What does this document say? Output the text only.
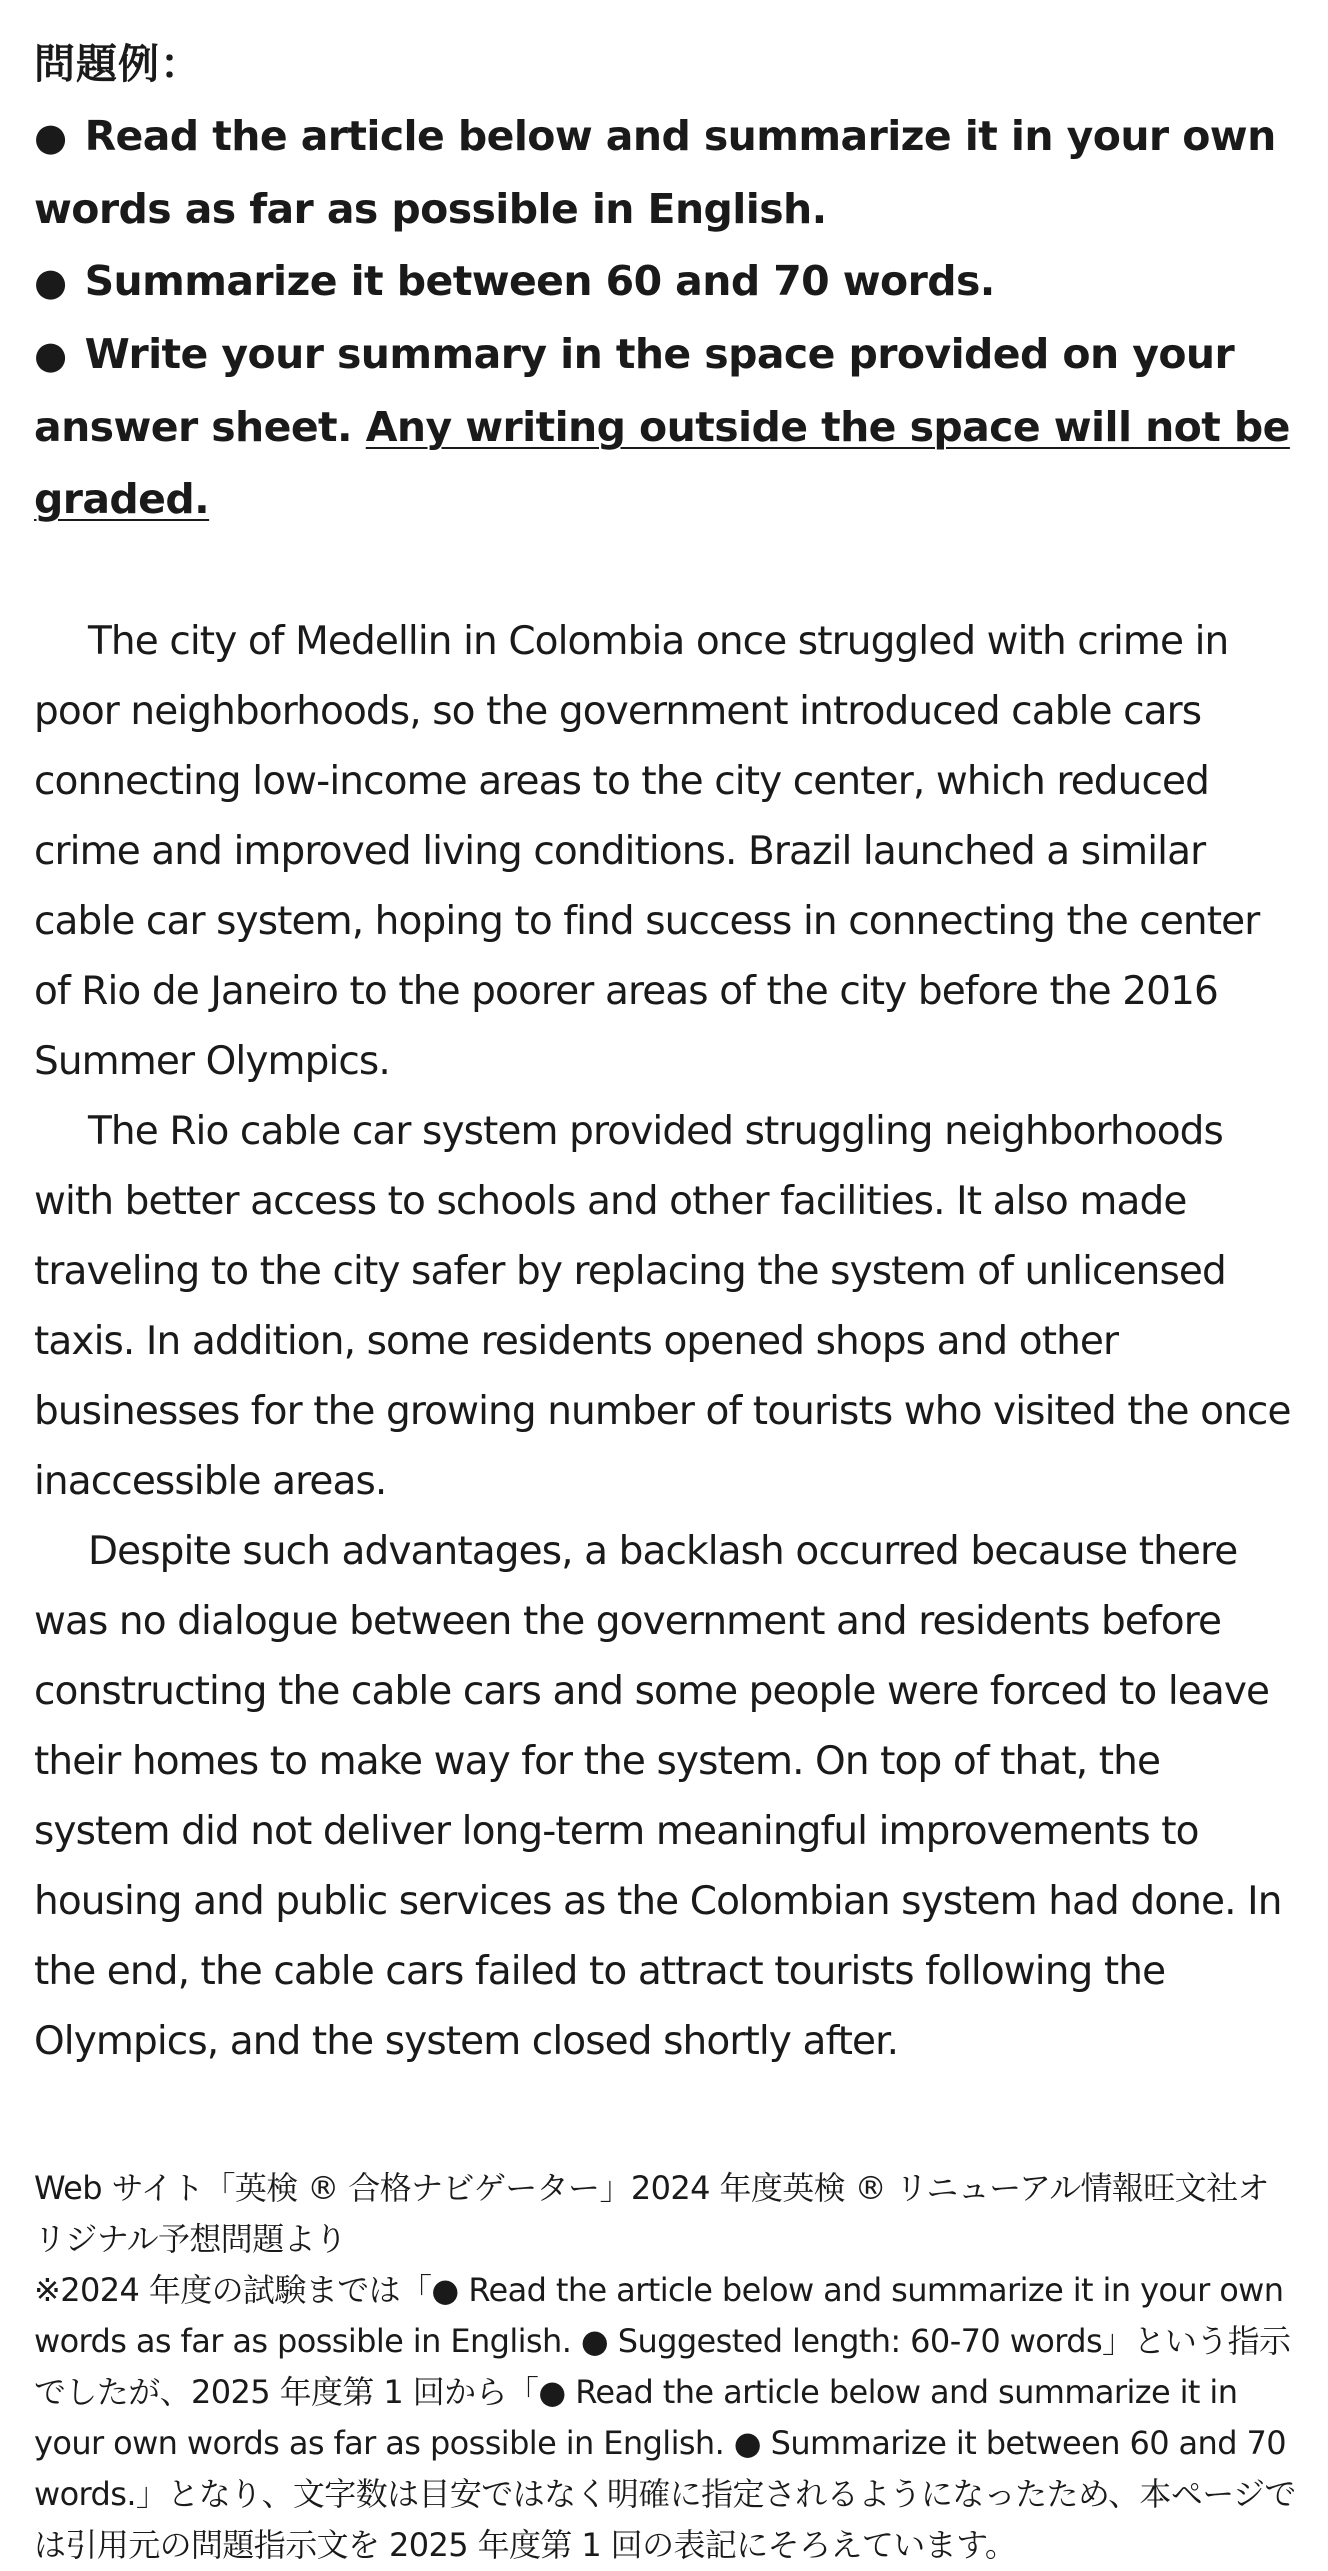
問題例：

● Read the article below and summarize it in your own words as far as possible in English.

● Summarize it between 60 and 70 words.

● Write your summary in the space provided on your answer sheet. Any writing outside the space will not be graded.

The city of Medellin in Colombia once struggled with crime in poor neighborhoods, so the government introduced cable cars connecting low-income areas to the city center, which reduced crime and improved living conditions. Brazil launched a similar cable car system, hoping to find success in connecting the center of Rio de Janeiro to the poorer areas of the city before the 2016 Summer Olympics.

The Rio cable car system provided struggling neighborhoods with better access to schools and other facilities. It also made traveling to the city safer by replacing the system of unlicensed taxis. In addition, some residents opened shops and other businesses for the growing number of tourists who visited the once inaccessible areas.

Despite such advantages, a backlash occurred because there was no dialogue between the government and residents before constructing the cable cars and some people were forced to leave their homes to make way for the system. On top of that, the system did not deliver long-term meaningful improvements to housing and public services as the Colombian system had done. In the end, the cable cars failed to attract tourists following the Olympics, and the system closed shortly after.

Web サイト「英検 ® 合格ナビゲーター」2024 年度英検 ® リニューアル情報旺文社オリジナル予想問題より

※2024 年度の試験までは「● Read the article below and summarize it in your own words as far as possible in English. ● Suggested length: 60-70 words」という指示でしたが、2025 年度第 1 回から「● Read the article below and summarize it in your own words as far as possible in English. ● Summarize it between 60 and 70 words.」となり、文字数は目安ではなく明確に指定されるようになったため、本ページでは引用元の問題指示文を 2025 年度第 1 回の表記にそろえています。
